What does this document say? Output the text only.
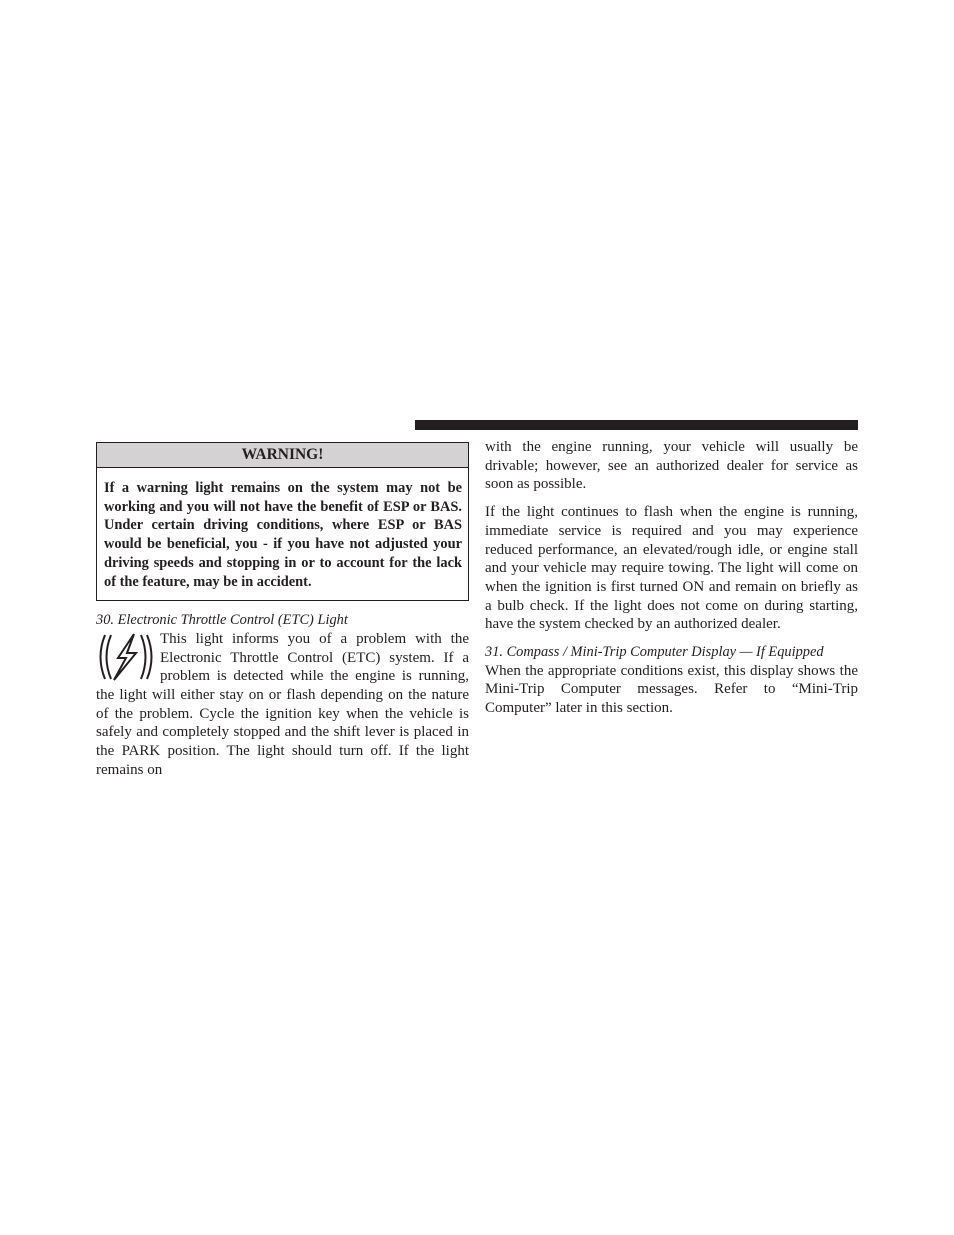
WARNING!
If a warning light remains on the system may not be working and you will not have the benefit of ESP or BAS. Under certain driving conditions, where ESP or BAS would be beneficial, you - if you have not adjusted your driving speeds and stopping in or to account for the lack of the feature, may be in accident.

30. Electronic Throttle Control (ETC) Light

This light informs you of a problem with the Electronic Throttle Control (ETC) system. If a problem is detected while the engine is running, the light will either stay on or flash depending on the nature of the problem. Cycle the ignition key when the vehicle is safely and completely stopped and the shift lever is placed in the PARK position. The light should turn off. If the light remains on

with the engine running, your vehicle will usually be drivable; however, see an authorized dealer for service as soon as possible.

If the light continues to flash when the engine is running, immediate service is required and you may experience reduced performance, an elevated/rough idle, or engine stall and your vehicle may require towing. The light will come on when the ignition is first turned ON and remain on briefly as a bulb check. If the light does not come on during starting, have the system checked by an authorized dealer.

31. Compass / Mini-Trip Computer Display — If Equipped

When the appropriate conditions exist, this display shows the Mini-Trip Computer messages. Refer to “Mini-Trip Computer” later in this section.
